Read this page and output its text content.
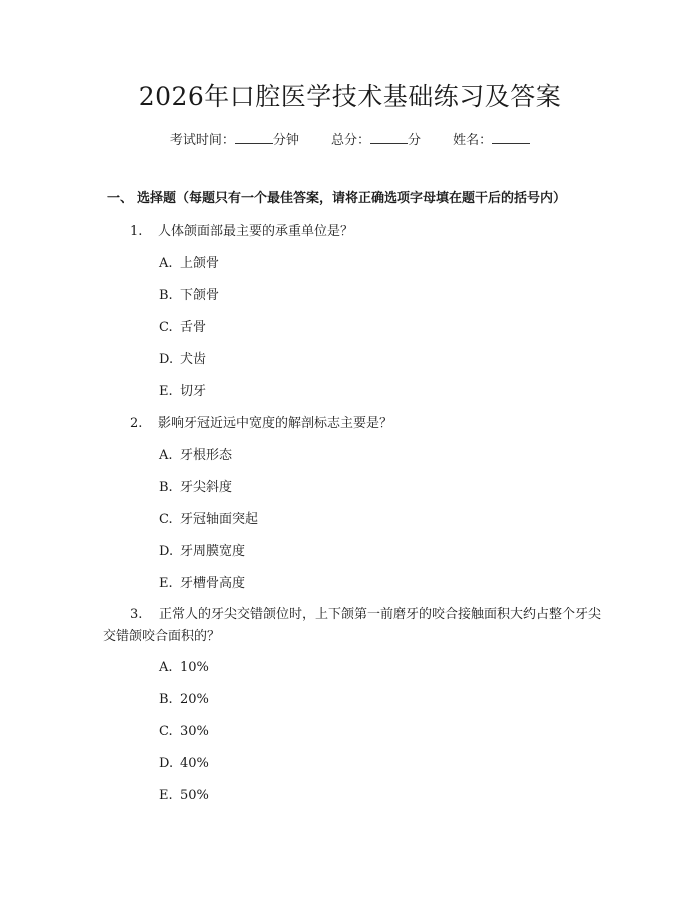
2026年口腔医学技术基础练习及答案
考试时间：	分钟 总分：	分 姓名：
一、 选择题（每题只有一个最佳答案，请将正确选项字母填在题干后的括号内）
1. 人体颌面部最主要的承重单位是？
A. 上颌骨
B. 下颌骨
C. 舌骨
D. 犬齿
E. 切牙
2. 影响牙冠近远中宽度的解剖标志主要是？
A. 牙根形态
B. 牙尖斜度
C. 牙冠轴面突起
D. 牙周膜宽度
E. 牙槽骨高度
3. 正常人的牙尖交错颌位时，上下颌第一前磨牙的咬合接触面积大约占整个牙尖交错颌咬合面积的？
A. 10%
B. 20%
C. 30%
D. 40%
E. 50%
